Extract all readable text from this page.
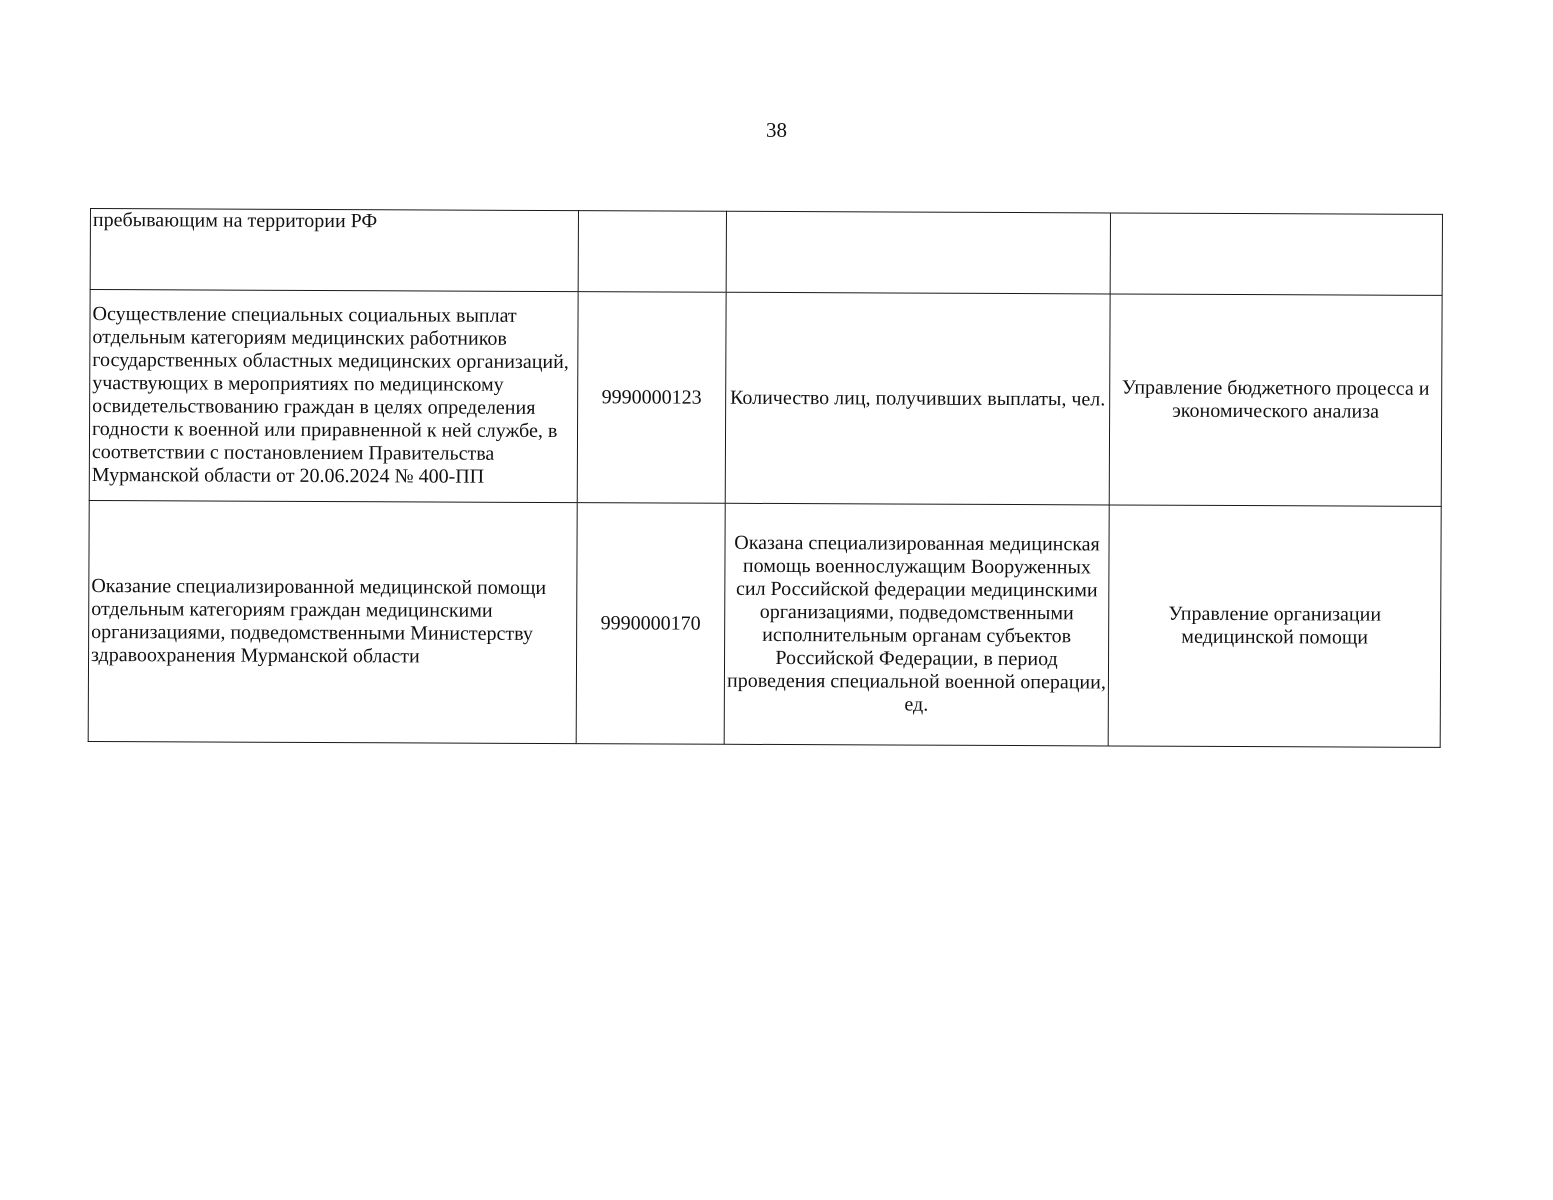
38
пребывающим на территории РФ			
Осуществление специальных социальных выплат отдельным категориям медицинских работников государственных областных медицинских организаций, участвующих в мероприятиях по медицинскому освидетельствованию граждан в целях определения годности к военной или приравненной к ней службе, в соответствии с постановлением Правительства Мурманской области от 20.06.2024 № 400-ПП	9990000123	Количество лиц, получивших выплаты, чел.	Управление бюджетного процесса и экономического анализа
Оказание специализированной медицинской помощи отдельным категориям граждан медицинскими организациями, подведомственными Министерству здравоохранения Мурманской области	9990000170	Оказана специализированная медицинская помощь военнослужащим Вооруженных сил Российской федерации медицинскими организациями, подведомственными исполнительным органам субъектов Российской Федерации, в период проведения специальной военной операции, ед.	Управление организации медицинской помощи
